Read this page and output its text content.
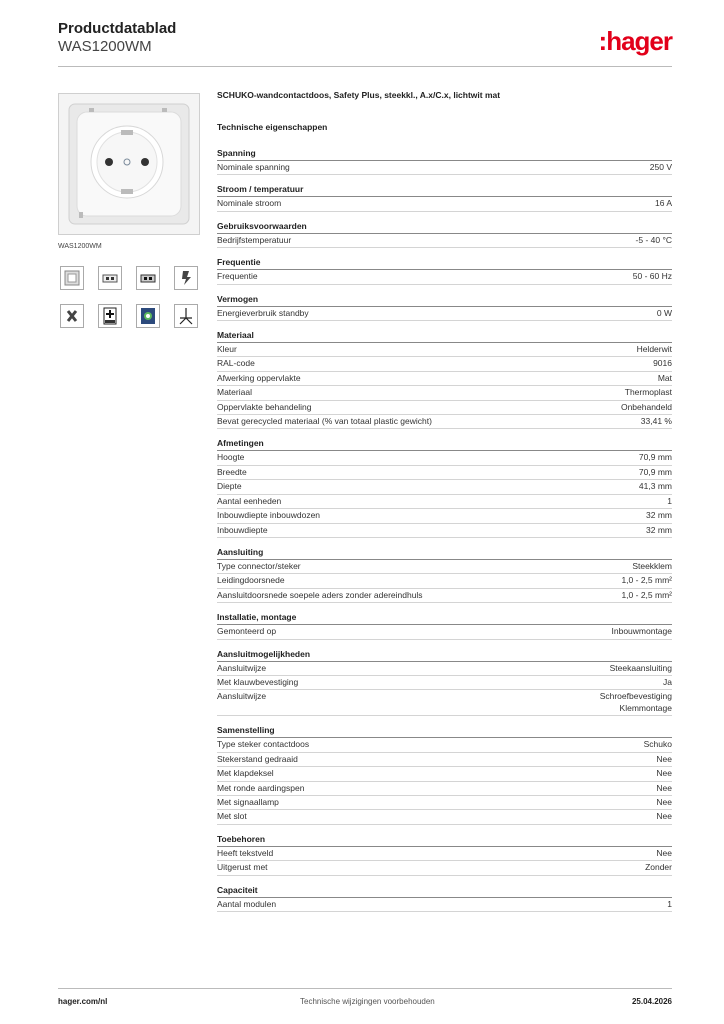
Productdatablad
WAS1200WM	:hager
WAS1200WM
SCHUKO-wandcontactdoos, Safety Plus, steekkl., A.x/C.x, lichtwit mat
Technische eigenschappen
Spanning
Nominale spanning	250 V
Stroom / temperatuur
Nominale stroom	16 A
Gebruiksvoorwaarden
Bedrijfstemperatuur	-5 - 40 °C
Frequentie
Frequentie	50 - 60 Hz
Vermogen
Energieverbruik standby	0 W
Materiaal
Kleur	Helderwit
RAL-code	9016
Afwerking oppervlakte	Mat
Materiaal	Thermoplast
Oppervlakte behandeling	Onbehandeld
Bevat gerecycled materiaal (% van totaal plastic gewicht)	33,41 %
Afmetingen
Hoogte	70,9 mm
Breedte	70,9 mm
Diepte	41,3 mm
Aantal eenheden	1
Inbouwdiepte inbouwdozen	32 mm
Inbouwdiepte	32 mm
Aansluiting
Type connector/steker	Steekklem
Leidingdoorsnede	1,0 - 2,5 mm²
Aansluitdoorsnede soepele aders zonder adereindhuls	1,0 - 2,5 mm²
Installatie, montage
Gemonteerd op	Inbouwmontage
Aansluitmogelijkheden
Aansluitwijze	Steekaansluiting
Met klauwbevestiging	Ja
Aansluitwijze	Schroefbevestiging
Klemmontage
Samenstelling
Type steker contactdoos	Schuko
Stekerstand gedraaid	Nee
Met klapdeksel	Nee
Met ronde aardingspen	Nee
Met signaallamp	Nee
Met slot	Nee
Toebehoren
Heeft tekstveld	Nee
Uitgerust met	Zonder
Capaciteit
Aantal modulen	1
hager.com/nl	Technische wijzigingen voorbehouden	25.04.2026
